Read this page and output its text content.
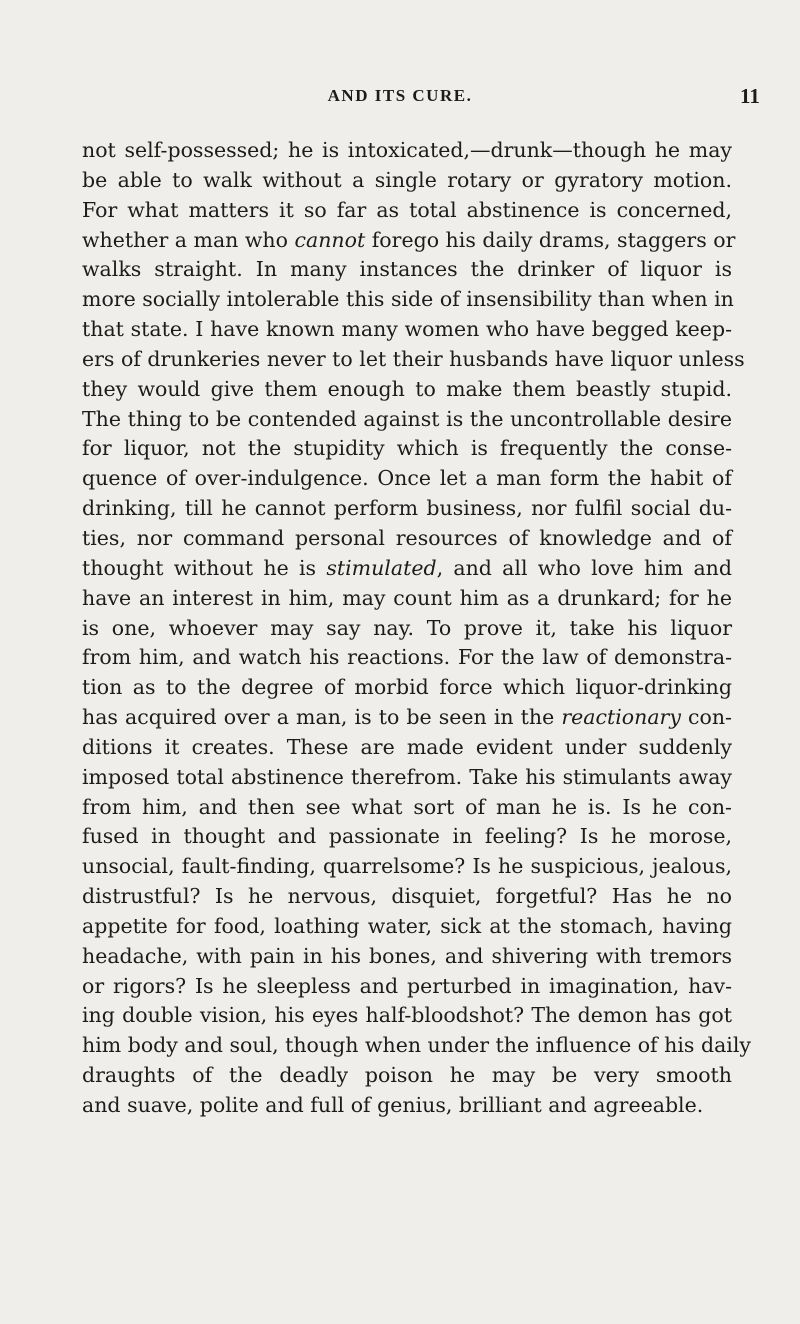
AND ITS CURE.	11
not self-possessed; he is intoxicated,—drunk—though he may
be able to walk without a single rotary or gyratory motion.
For what matters it so far as total abstinence is concerned,
whether a man who cannot forego his daily drams, staggers or
walks straight. In many instances the drinker of liquor is
more socially intolerable this side of insensibility than when in
that state. I have known many women who have begged keep-
ers of drunkeries never to let their husbands have liquor unless
they would give them enough to make them beastly stupid.
The thing to be contended against is the uncontrollable desire
for liquor, not the stupidity which is frequently the conse-
quence of over-indulgence. Once let a man form the habit of
drinking, till he cannot perform business, nor fulfil social du-
ties, nor command personal resources of knowledge and of
thought without he is stimulated, and all who love him and
have an interest in him, may count him as a drunkard; for he
is one, whoever may say nay. To prove it, take his liquor
from him, and watch his reactions. For the law of demonstra-
tion as to the degree of morbid force which liquor-drinking
has acquired over a man, is to be seen in the reactionary con-
ditions it creates. These are made evident under suddenly
imposed total abstinence therefrom. Take his stimulants away
from him, and then see what sort of man he is. Is he con-
fused in thought and passionate in feeling? Is he morose,
unsocial, fault-finding, quarrelsome? Is he suspicious, jealous,
distrustful? Is he nervous, disquiet, forgetful? Has he no
appetite for food, loathing water, sick at the stomach, having
headache, with pain in his bones, and shivering with tremors
or rigors? Is he sleepless and perturbed in imagination, hav-
ing double vision, his eyes half-bloodshot? The demon has got
him body and soul, though when under the influence of his daily
draughts of the deadly poison he may be very smooth
and suave, polite and full of genius, brilliant and agreeable.
